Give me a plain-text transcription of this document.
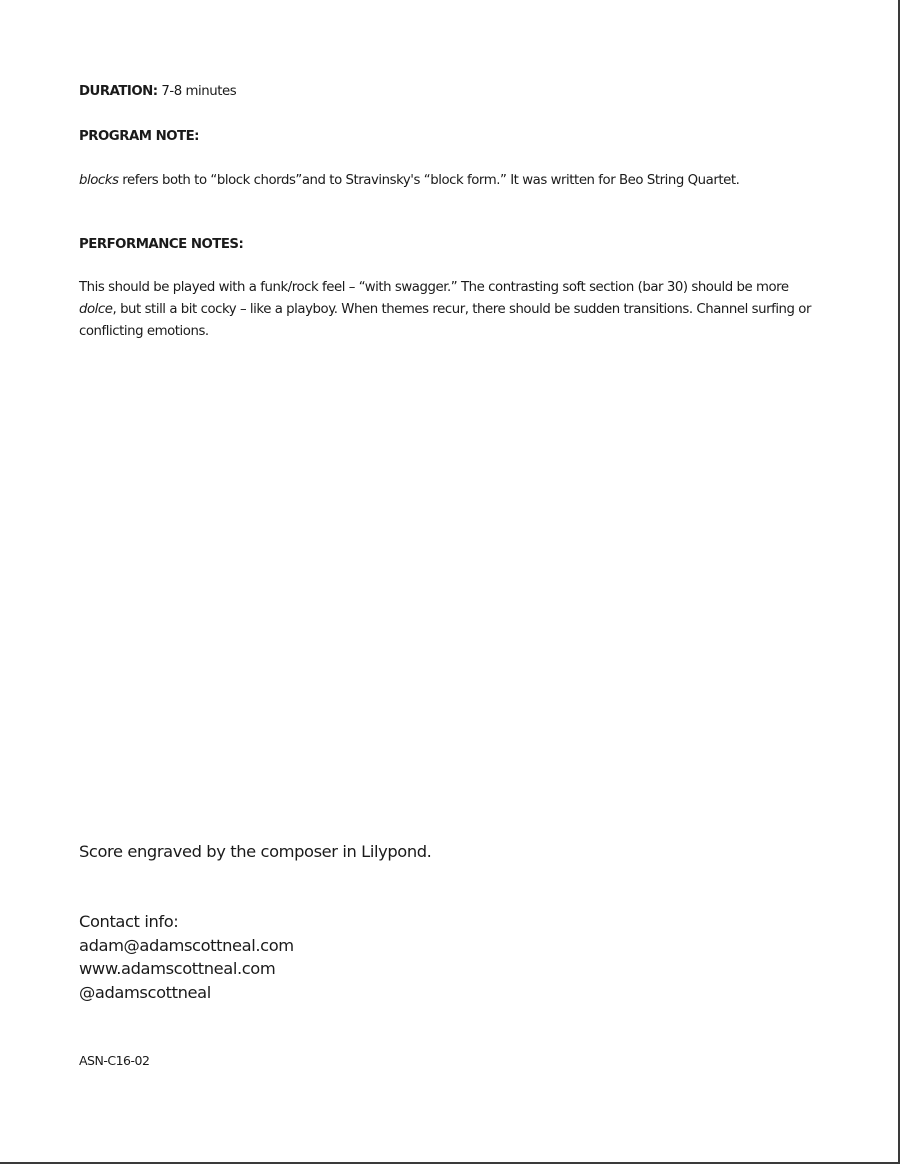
DURATION: 7-8 minutes
PROGRAM NOTE:
blocks refers both to “block chords”and to Stravinsky's “block form.” It was written for Beo String Quartet.
PERFORMANCE NOTES:
This should be played with a funk/rock feel – “with swagger.” The contrasting soft section (bar 30) should be more dolce, but still a bit cocky – like a playboy. When themes recur, there should be sudden transitions. Channel surfing or conflicting emotions.
Score engraved by the composer in Lilypond.
Contact info:
adam@adamscottneal.com
www.adamscottneal.com
@adamscottneal
ASN-C16-02
